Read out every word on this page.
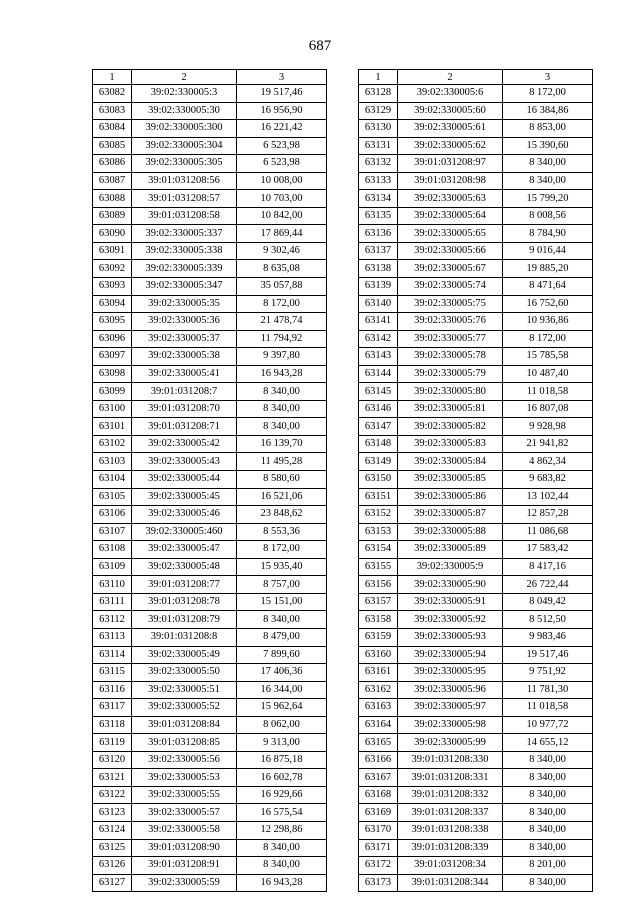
687
1	2	3
63082	39:02:330005:3	19 517,46
63083	39:02:330005:30	16 956,90
63084	39:02:330005:300	16 221,42
63085	39:02:330005:304	6 523,98
63086	39:02:330005:305	6 523,98
63087	39:01:031208:56	10 008,00
63088	39:01:031208:57	10 703,00
63089	39:01:031208:58	10 842,00
63090	39:02:330005:337	17 869,44
63091	39:02:330005:338	9 302,46
63092	39:02:330005:339	8 635,08
63093	39:02:330005:347	35 057,88
63094	39:02:330005:35	8 172,00
63095	39:02:330005:36	21 478,74
63096	39:02:330005:37	11 794,92
63097	39:02:330005:38	9 397,80
63098	39:02:330005:41	16 943,28
63099	39:01:031208:7	8 340,00
63100	39:01:031208:70	8 340,00
63101	39:01:031208:71	8 340,00
63102	39:02:330005:42	16 139,70
63103	39:02:330005:43	11 495,28
63104	39:02:330005:44	8 580,60
63105	39:02:330005:45	16 521,06
63106	39:02:330005:46	23 848,62
63107	39:02:330005:460	8 553,36
63108	39:02:330005:47	8 172,00
63109	39:02:330005:48	15 935,40
63110	39:01:031208:77	8 757,00
63111	39:01:031208:78	15 151,00
63112	39:01:031208:79	8 340,00
63113	39:01:031208:8	8 479,00
63114	39:02:330005:49	7 899,60
63115	39:02:330005:50	17 406,36
63116	39:02:330005:51	16 344,00
63117	39:02:330005:52	15 962,64
63118	39:01:031208:84	8 062,00
63119	39:01:031208:85	9 313,00
63120	39:02:330005:56	16 875,18
63121	39:02:330005:53	16 602,78
63122	39:02:330005:55	16 929,66
63123	39:02:330005:57	16 575,54
63124	39:02:330005:58	12 298,86
63125	39:01:031208:90	8 340,00
63126	39:01:031208:91	8 340,00
63127	39:02:330005:59	16 943,28
1	2	3
63128	39:02:330005:6	8 172,00
63129	39:02:330005:60	16 384,86
63130	39:02:330005:61	8 853,00
63131	39:02:330005:62	15 390,60
63132	39:01:031208:97	8 340,00
63133	39:01:031208:98	8 340,00
63134	39:02:330005:63	15 799,20
63135	39:02:330005:64	8 008,56
63136	39:02:330005:65	8 784,90
63137	39:02:330005:66	9 016,44
63138	39:02:330005:67	19 885,20
63139	39:02:330005:74	8 471,64
63140	39:02:330005:75	16 752,60
63141	39:02:330005:76	10 936,86
63142	39:02:330005:77	8 172,00
63143	39:02:330005:78	15 785,58
63144	39:02:330005:79	10 487,40
63145	39:02:330005:80	11 018,58
63146	39:02:330005:81	16 807,08
63147	39:02:330005:82	9 928,98
63148	39:02:330005:83	21 941,82
63149	39:02:330005:84	4 862,34
63150	39:02:330005:85	9 683,82
63151	39:02:330005:86	13 102,44
63152	39:02:330005:87	12 857,28
63153	39:02:330005:88	11 086,68
63154	39:02:330005:89	17 583,42
63155	39:02:330005:9	8 417,16
63156	39:02:330005:90	26 722,44
63157	39:02:330005:91	8 049,42
63158	39:02:330005:92	8 512,50
63159	39:02:330005:93	9 983,46
63160	39:02:330005:94	19 517,46
63161	39:02:330005:95	9 751,92
63162	39:02:330005:96	11 781,30
63163	39:02:330005:97	11 018,58
63164	39:02:330005:98	10 977,72
63165	39:02:330005:99	14 655,12
63166	39:01:031208:330	8 340,00
63167	39:01:031208:331	8 340,00
63168	39:01:031208:332	8 340,00
63169	39:01:031208:337	8 340,00
63170	39:01:031208:338	8 340,00
63171	39:01:031208:339	8 340,00
63172	39:01:031208:34	8 201,00
63173	39:01:031208:344	8 340,00
